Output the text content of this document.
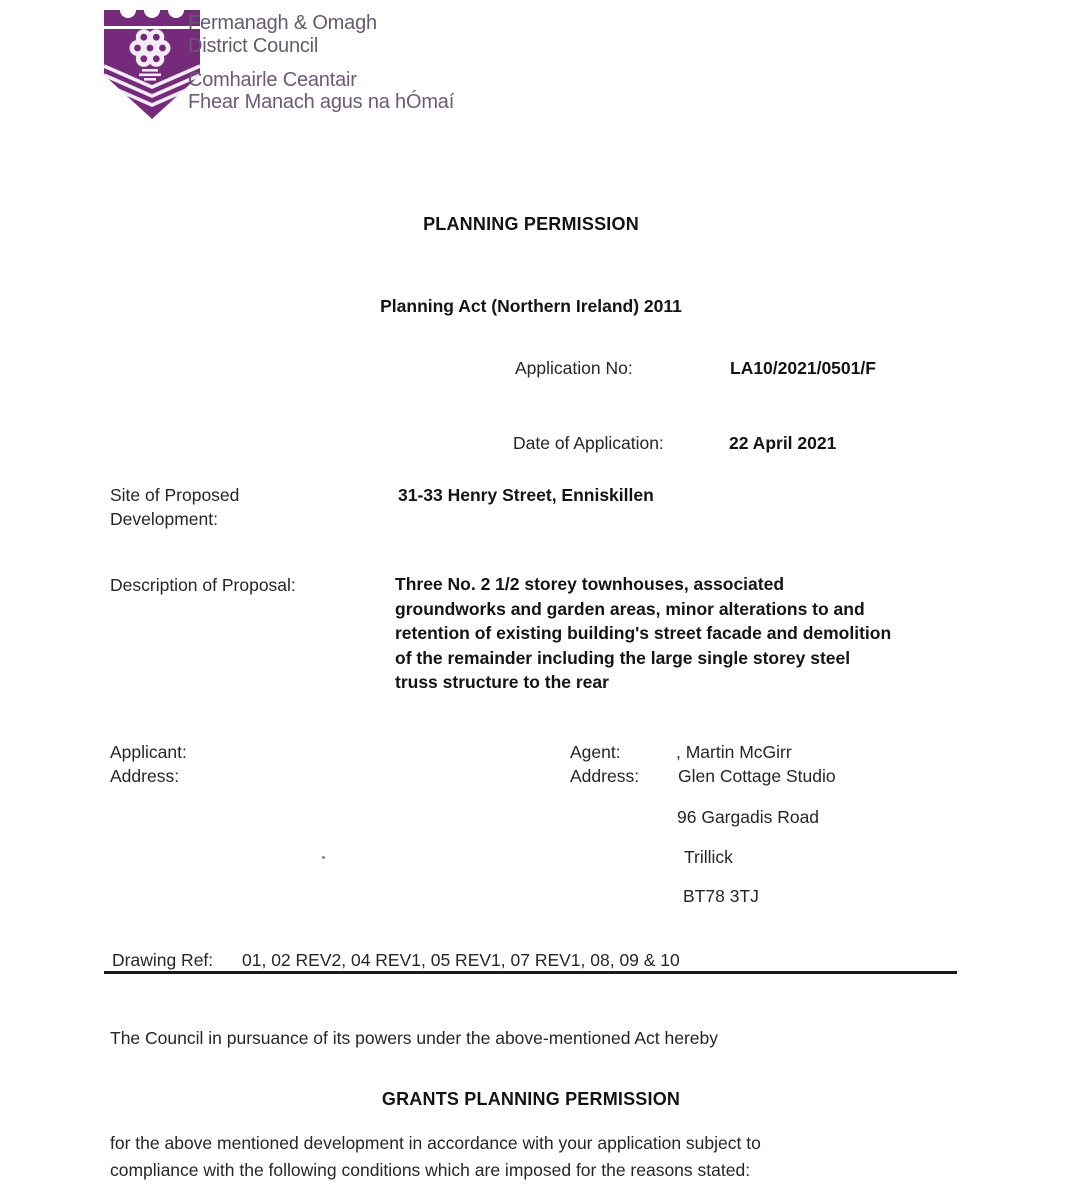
Fermanagh & Omagh
District Council
Comhairle Ceantair
Fhear Manach agus na hÓmaí
PLANNING PERMISSION
Planning Act (Northern Ireland) 2011
Application No:	LA10/2021/0501/F
Date of Application:	22 April 2021
Site of Proposed
Development:
31-33 Henry Street, Enniskillen
Description of Proposal:	Three No. 2 1/2 storey townhouses, associated
groundworks and garden areas, minor alterations to and
retention of existing building's street facade and demolition
of the remainder including the large single storey steel
truss structure to the rear
Applicant:
Address:
Agent:	, Martin McGirr
Address: Glen Cottage Studio
96 Gargadis Road
Trillick
BT78 3TJ
Drawing Ref: 01, 02 REV2, 04 REV1, 05 REV1, 07 REV1, 08, 09 & 10
The Council in pursuance of its powers under the above-mentioned Act hereby
GRANTS PLANNING PERMISSION
for the above mentioned development in accordance with your application subject to
compliance with the following conditions which are imposed for the reasons stated:
